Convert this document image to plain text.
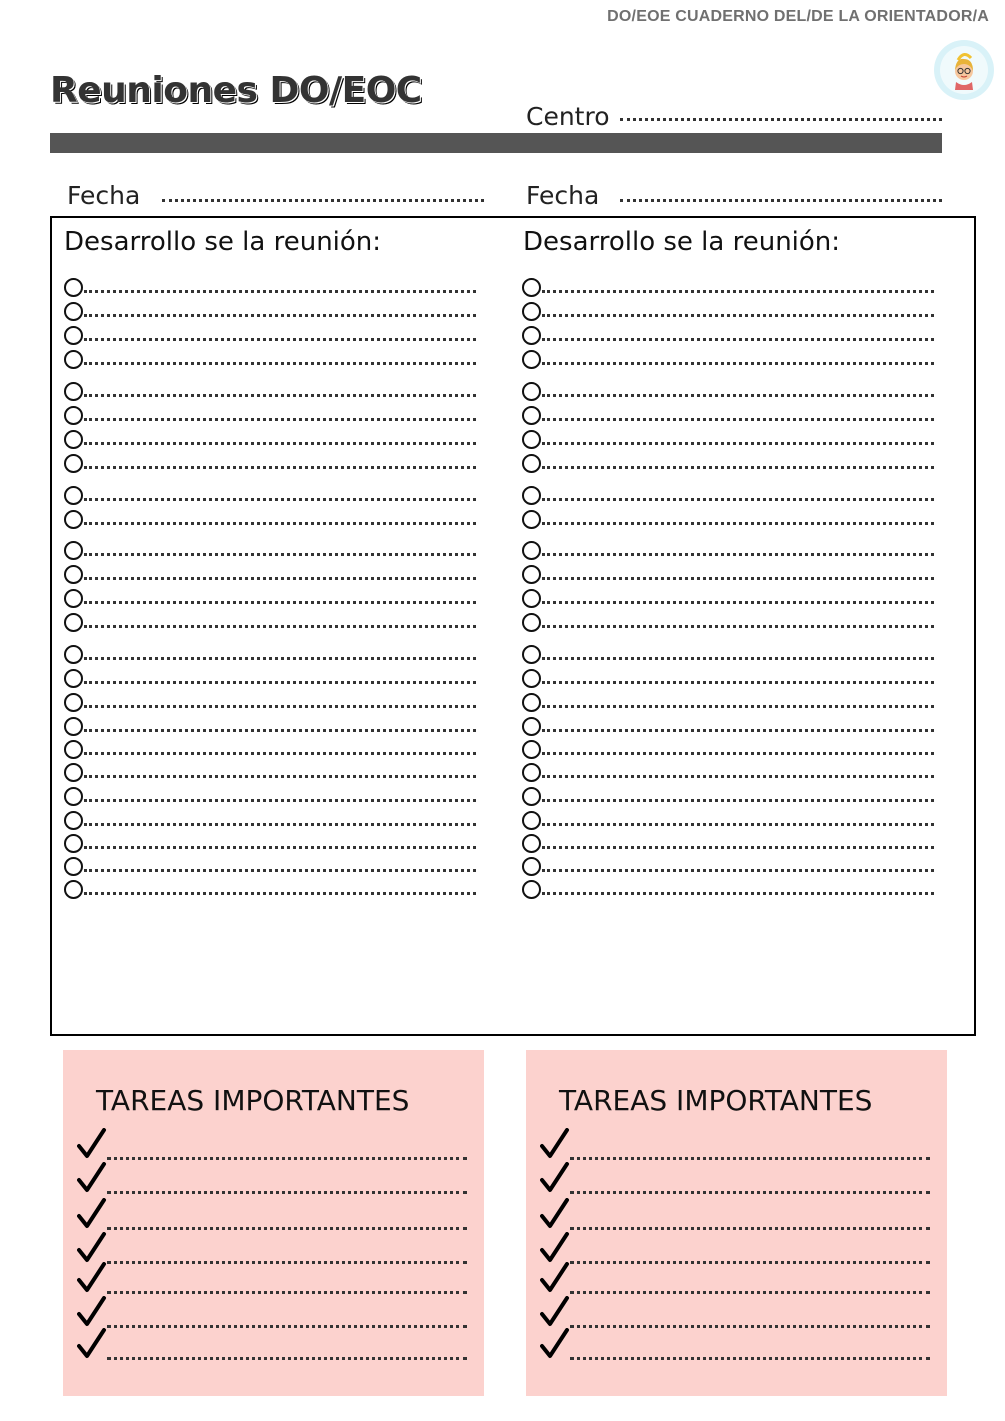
DO/EOE CUADERNO DEL/DE LA ORIENTADOR/A
Reuniones DO/EOC
Centro
Fecha	Fecha
Desarrollo se la reunión:	Desarrollo se la reunión:
TAREAS IMPORTANTES	TAREAS IMPORTANTES
